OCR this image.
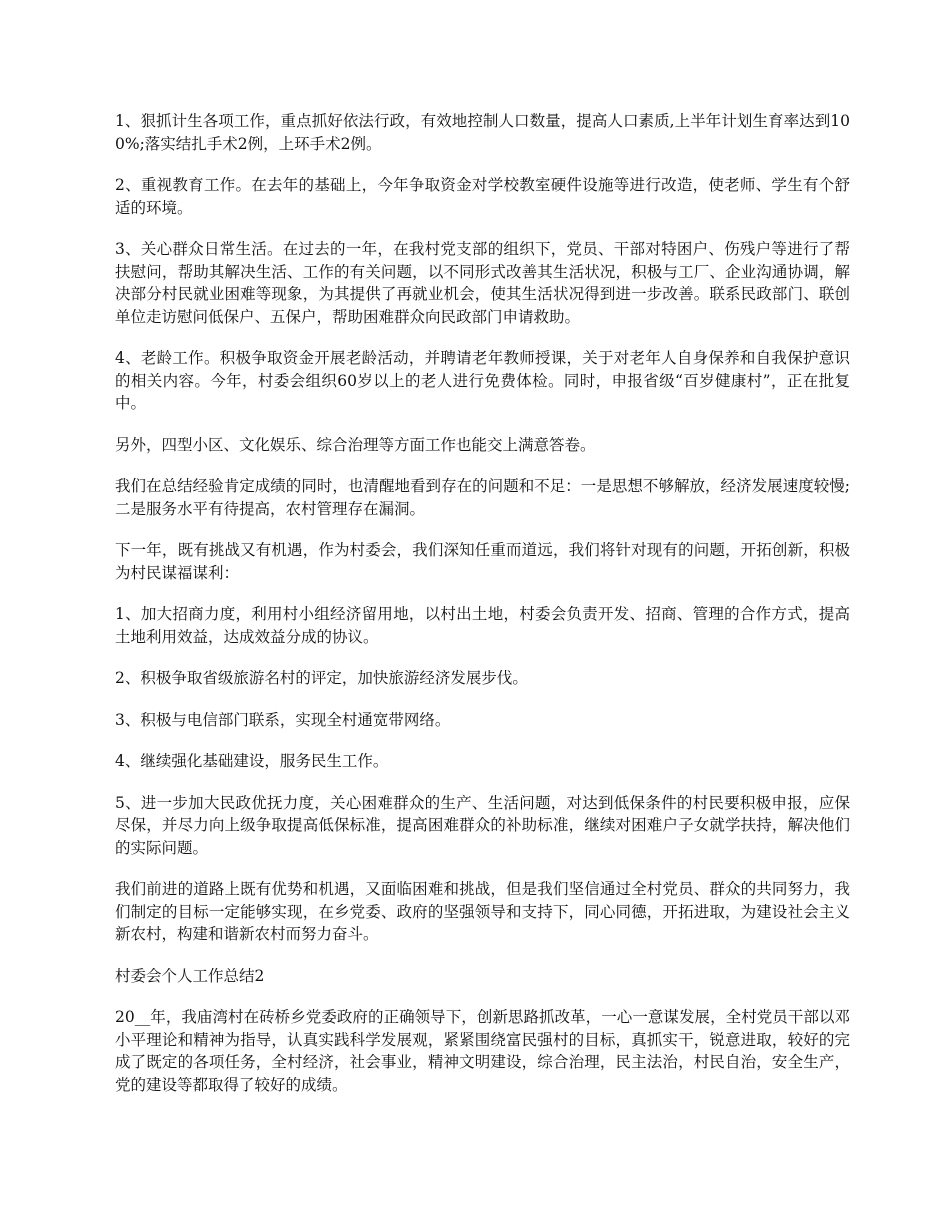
1、狠抓计生各项工作，重点抓好依法行政，有效地控制人口数量，提高人口素质,上半年计划生育率达到100%;落实结扎手术2例，上环手术2例。

2、重视教育工作。在去年的基础上，今年争取资金对学校教室硬件设施等进行改造，使老师、学生有个舒适的环境。

3、关心群众日常生活。在过去的一年，在我村党支部的组织下，党员、干部对特困户、伤残户等进行了帮扶慰问，帮助其解决生活、工作的有关问题，以不同形式改善其生活状况，积极与工厂、企业沟通协调，解决部分村民就业困难等现象，为其提供了再就业机会，使其生活状况得到进一步改善。联系民政部门、联创单位走访慰问低保户、五保户，帮助困难群众向民政部门申请救助。

4、老龄工作。积极争取资金开展老龄活动，并聘请老年教师授课，关于对老年人自身保养和自我保护意识的相关内容。今年，村委会组织60岁以上的老人进行免费体检。同时，申报省级“百岁健康村”，正在批复中。

另外，四型小区、文化娱乐、综合治理等方面工作也能交上满意答卷。

我们在总结经验肯定成绩的同时，也清醒地看到存在的问题和不足：一是思想不够解放，经济发展速度较慢;二是服务水平有待提高，农村管理存在漏洞。

下一年，既有挑战又有机遇，作为村委会，我们深知任重而道远，我们将针对现有的问题，开拓创新，积极为村民谋福谋利：

1、加大招商力度，利用村小组经济留用地，以村出土地，村委会负责开发、招商、管理的合作方式，提高土地利用效益，达成效益分成的协议。

2、积极争取省级旅游名村的评定，加快旅游经济发展步伐。

3、积极与电信部门联系，实现全村通宽带网络。

4、继续强化基础建设，服务民生工作。

5、进一步加大民政优抚力度，关心困难群众的生产、生活问题，对达到低保条件的村民要积极申报，应保尽保，并尽力向上级争取提高低保标准，提高困难群众的补助标准，继续对困难户子女就学扶持，解决他们的实际问题。

我们前进的道路上既有优势和机遇，又面临困难和挑战，但是我们坚信通过全村党员、群众的共同努力，我们制定的目标一定能够实现，在乡党委、政府的坚强领导和支持下，同心同德，开拓进取，为建设社会主义新农村，构建和谐新农村而努力奋斗。

村委会个人工作总结2

20__年，我庙湾村在砖桥乡党委政府的正确领导下，创新思路抓改革，一心一意谋发展，全村党员干部以邓小平理论和精神为指导，认真实践科学发展观，紧紧围绕富民强村的目标，真抓实干，锐意进取，较好的完成了既定的各项任务，全村经济，社会事业，精神文明建设，综合治理，民主法治，村民自治，安全生产，党的建设等都取得了较好的成绩。
